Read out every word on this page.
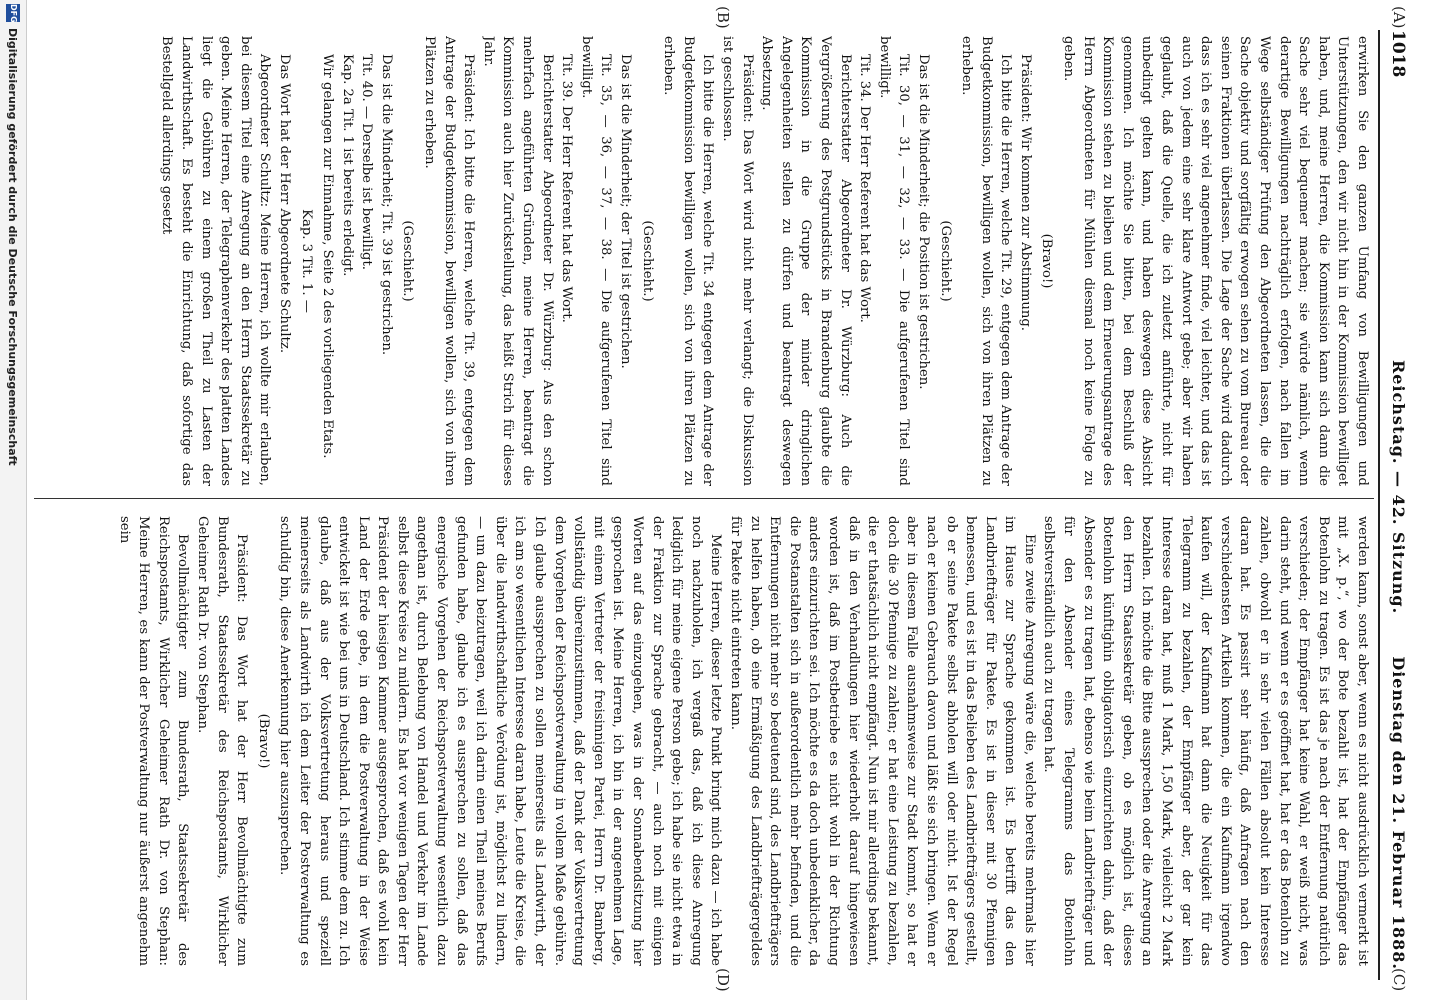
1018
Reichstag. — 42. Sitzung.
Dienstag den 21. Februar 1888.
(A)
(B)
(C)
(D)

erwirken Sie den ganzen Umfang von Bewilligungen und Unterstützungen, den wir nicht hin in der Kommission bewilliget haben, und, meine Herren, die Kommission kann sich dann die Sache sehr viel bequemer machen; sie würde nämlich, wenn derartige Bewilligungen nachträglich erfolgen, nach fallen im Wege selbständiger Prüfung den Abgeordneten lassen, die die Sache objektiv und sorgfältig erwogen sehen zu vom Bureau oder seinen Fraktionen überlassen. Die Lage der Sache wird dadurch dass ich es sehr viel angenehmer finde, viel leichter, und das ist auch von jedem eine sehr klare Antwort gebe; aber wir haben geglaubt, daß die Quelle, die ich zuletzt anführte, nicht für unbedingt gelten kann, und haben deswegen diese Absicht genommen. Ich möchte Sie bitten, bei dem Beschluß der Kommission stehen zu bleiben und dem Erneuerungsantrage des Herrn Abgeordneten für Mühlen diesmal noch keine Folge zu geben.

(Bravo!)

Präsident: Wir kommen zur Abstimmung.

Ich bitte die Herren, welche Tit. 29, entgegen dem Antrage der Budgetkommission, bewilligen wollen, sich von ihren Plätzen zu erheben.

(Geschieht.)

Das ist die Minderheit; die Position ist gestrichen.

Tit. 30, — 31, — 32, — 33. — Die aufgerufenen Titel sind bewilligt.

Tit. 34. Der Herr Referent hat das Wort.

Berichterstatter Abgeordneter Dr. Würzburg: Auch die Vergrößerung des Postgrundstücks in Brandenburg glaubte die Kommission in die Gruppe der minder dringlichen Angelegenheiten stellen zu dürfen und beantragt deswegen Absetzung.

Präsident: Das Wort wird nicht mehr verlangt; die Diskussion ist geschlossen.

Ich bitte die Herren, welche Tit. 34 entgegen dem Antrage der Budgetkommission bewilligen wollen, sich von ihren Plätzen zu erheben.

(Geschieht.)

Das ist die Minderheit; der Titel ist gestrichen.

Tit. 35, — 36, — 37, — 38. — Die aufgerufenen Titel sind bewilligt.

Tit. 39. Der Herr Referent hat das Wort.

Berichterstatter Abgeordneter Dr. Würzburg: Aus den schon mehrfach angeführten Gründen, meine Herren, beantragt die Kommission auch hier Zurückstellung, das heißt Strich für dieses Jahr.

Präsident: Ich bitte die Herren, welche Tit. 39, entgegen dem Antrage der Budgetkommission, bewilligen wollen, sich von ihren Plätzen zu erheben.

(Geschieht.)

Das ist die Minderheit; Tit. 39 ist gestrichen.

Tit. 40. — Derselbe ist bewilligt.

Kap. 2a Tit. 1 ist bereits erledigt.

Wir gelangen zur Einnahme, Seite 2 des vorliegenden Etats.

Kap. 3 Tit. 1. —

Das Wort hat der Herr Abgeordnete Schultz.

Abgeordneter Schultz: Meine Herren, ich wollte mir erlauben, bei diesem Titel eine Anregung an den Herrn Staatssekretär zu geben. Meine Herren, der Telegraphenverkehr des platten Landes liegt die Gebühren zu einem großen Theil zu Lasten der Landwirthschaft. Es besteht die Einrichtung, daß sofortige das Bestellgeld allerdings gesetzt

werden kann, sonst aber, wenn es nicht ausdrücklich vermerkt ist mit „X. p.“, wo der Bote bezahlt ist, hat der Empfänger das Botenlohn zu tragen. Es ist das je nach der Entfernung natürlich verschieden; der Empfänger hat keine Wahl, er weiß nicht, was darin steht, und wenn er es geöffnet hat, hat er das Botenlohn zu zahlen, obwohl er in sehr vielen Fällen absolut kein Interesse daran hat. Es passirt sehr häufig, daß Anfragen nach den verschiedensten Artikeln kommen, die ein Kaufmann irgendwo kaufen will, der Kaufmann hat dann die Neuigkeit für das Telegramm zu bezahlen, der Empfänger aber, der gar kein Interesse daran hat, muß 1 Mark, 1,50 Mark, vielleicht 2 Mark bezahlen. Ich möchte die Bitte aussprechen oder die Anregung an den Herrn Staatssekretär geben, ob es möglich ist, dieses Botenlohn künftighin obligatorisch einzurichten dahin, daß der Absender es zu tragen hat, ebenso wie beim Landbriefträger und für den Absender eines Telegramms das Botenlohn selbstverständlich auch zu tragen hat.

Eine zweite Anregung wäre die, welche bereits mehrmals hier im Hause zur Sprache gekommen ist. Es betrifft das den Landbriefträger für Pakete. Es ist in dieser mit 30 Pfennigen bemessen, und es ist in das Belieben des Landbriefträgers gestellt, ob er seine Pakete selbst abholen will oder nicht. Ist der Regel nach er keinen Gebrauch davon und läßt sie sich bringen. Wenn er aber in diesem Falle ausnahmsweise zur Stadt kommt, so hat er doch die 30 Pfennige zu zahlen; er hat eine Leistung zu bezahlen, die er thatsächlich nicht empfängt. Nun ist mir allerdings bekannt, daß in den Verhandlungen hier wiederholt darauf hingewiesen worden ist, daß im Postbetriebe es nicht wohl in der Richtung anders einzurichten sei. Ich möchte es da doch unbedenklicher, da die Postanstalten sich in außerordentlich mehr befinden, und die Entfernungen nicht mehr so bedeutend sind, des Landbriefträgers zu helfen haben, ob eine Ermäßigung des Landbriefträgergeldes für Pakete nicht eintreten kann.

Meine Herren, dieser letzte Punkt bringt mich dazu — ich habe noch nachzuholen, ich vergaß das, daß ich diese Anregung lediglich für meine eigene Person gebe; ich habe sie nicht etwa in der Fraktion zur Sprache gebracht, — auch noch mit einigen Worten auf das einzugehen, was in der Sonnabendsitzung hier gesprochen ist. Meine Herren, ich bin in der angenehmen Lage, mit einem Vertreter der freisinnigen Partei, Herrn Dr. Bamberg, vollständig übereinzustimmen, daß der Dank der Volksvertretung dem Vorgehen der Reichspostverwaltung in vollem Maße gebühre. Ich glaube aussprechen zu sollen meinerseits als Landwirth, der ich am so wesentlichen Interesse daran habe, Leute die Kreise, die über die landwirthschaftliche Verödung ist, möglichst zu lindern, — um dazu beizutragen, weil ich darin einen Theil meines Berufs gefunden habe, glaube ich es aussprechen zu sollen, daß das energische Vorgehen der Reichspostverwaltung wesentlich dazu angethan ist, durch Belebung von Handel und Verkehr im Lande selbst diese Kreise zu mildern. Es hat vor wenigen Tagen der Herr Präsident der hiesigen Kammer ausgesprochen, daß es wohl kein Land der Erde gebe, in dem die Postverwaltung in der Weise entwickelt ist wie bei uns in Deutschland. Ich stimme dem zu. Ich glaube, daß aus der Volksvertretung heraus und speziell meinerseits als Landwirth ich dem Leiter der Postverwaltung es schuldig bin, diese Anerkennung hier auszusprechen.

(Bravo!)

Präsident: Das Wort hat der Herr Bevollmächtigte zum Bundesrath, Staatssekretär des Reichspostamts, Wirklicher Geheimer Rath Dr. von Stephan.

Bevollmächtigter zum Bundesrath, Staatssekretär des Reichspostamts, Wirklicher Geheimer Rath Dr. von Stephan: Meine Herren, es kann der Postverwaltung nur äußerst angenehm sein

DFG
Digitalisierung gefördert durch die Deutsche Forschungsgemeinschaft
